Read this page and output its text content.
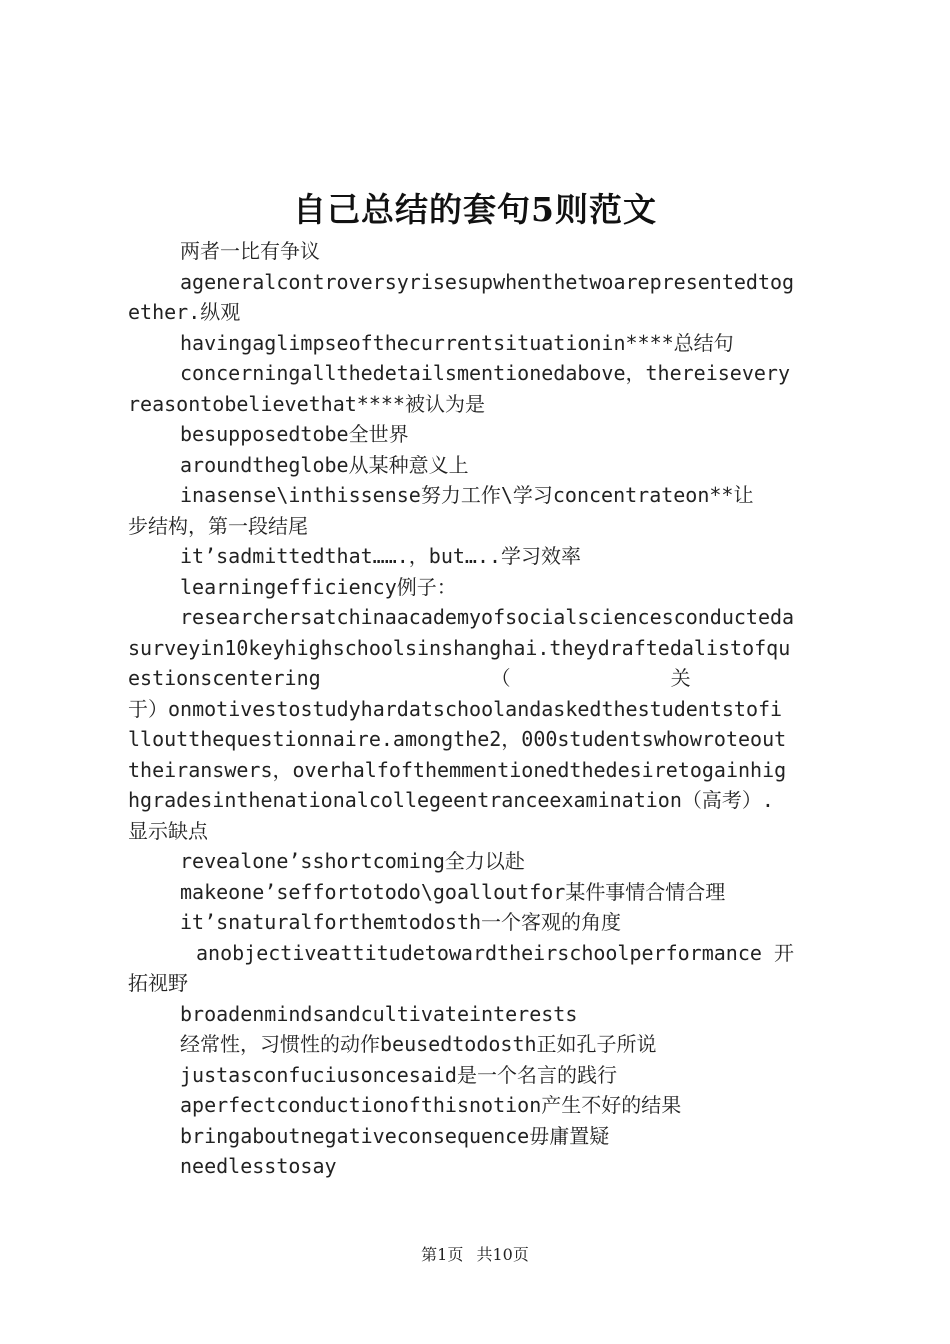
自己总结的套句5则范文
两者一比有争议
ageneralcontroversyrisesupwhenthetwoarepresentedtog
ether.纵观
havingaglimpseofthecurrentsituationin****总结句
concerningallthedetailsmentionedabove，thereisevery
reasontobelievethat****被认为是
besupposedtobe全世界
aroundtheglobe从某种意义上
inasense\inthissense努力工作\学习concentrateon**让
步结构，第一段结尾
it’sadmittedthat…….，but…..学习效率
learningefficiency例子：
researchersatchinaacademyofsocialsciencesconducteda
surveyin10keyhighschoolsinshanghai.theydraftedalistofqu
estionscentering　　　　　　　　　（　　　　　　　　关
于）onmotivestostudyhardatschoolandaskedthestudentstofi
lloutthequestionnaire.amongthe2，000studentswhowroteout
theiranswers，overhalfofthemmentionedthedesiretogainhig
hgradesinthenationalcollegeentranceexamination（高考）.
显示缺点
revealone’sshortcoming全力以赴
makeone’seffortotodo\goalloutfor某件事情合情合理
it’snaturalforthemtodosth一个客观的角度
anobjectiveattitudetowardtheirschoolperformance 开
拓视野
broadenmindsandcultivateinterests
经常性，习惯性的动作beusedtodosth正如孔子所说
justasconfuciusoncesaid是一个名言的践行
aperfectconductionofthisnotion产生不好的结果
bringaboutnegativeconsequence毋庸置疑
needlesstosay
第1页 共10页
